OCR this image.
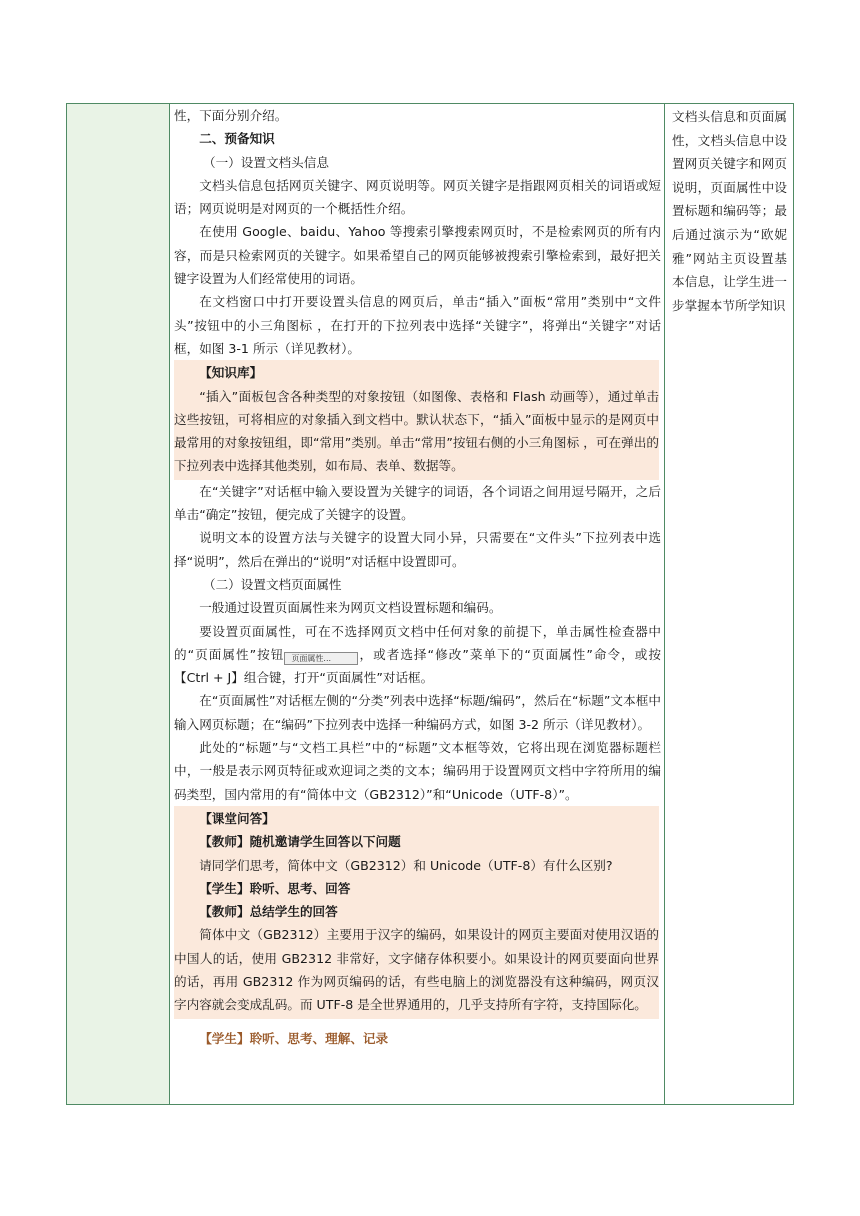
性，下面分别介绍。

二、预备知识

（一）设置文档头信息

文档头信息包括网页关键字、网页说明等。网页关键字是指跟网页相关的词语或短语；网页说明是对网页的一个概括性介绍。

在使用 Google、baidu、Yahoo 等搜索引擎搜索网页时，不是检索网页的所有内容，而是只检索网页的关键字。如果希望自己的网页能够被搜索引擎检索到，最好把关键字设置为人们经常使用的词语。

在文档窗口中打开要设置头信息的网页后，单击“插入”面板“常用”类别中“文件头”按钮中的小三角图标 ，在打开的下拉列表中选择“关键字”，将弹出“关键字”对话框，如图 3-1 所示（详见教材）。

【知识库】

“插入”面板包含各种类型的对象按钮（如图像、表格和 Flash 动画等），通过单击这些按钮，可将相应的对象插入到文档中。默认状态下，“插入”面板中显示的是网页中最常用的对象按钮组，即“常用”类别。单击“常用”按钮右侧的小三角图标 ，可在弹出的下拉列表中选择其他类别，如布局、表单、数据等。

在“关键字”对话框中输入要设置为关键字的词语，各个词语之间用逗号隔开，之后单击“确定”按钮，便完成了关键字的设置。

说明文本的设置方法与关键字的设置大同小异，只需要在“文件头”下拉列表中选择“说明”，然后在弹出的“说明”对话框中设置即可。

（二）设置文档页面属性

一般通过设置页面属性来为网页文档设置标题和编码。

要设置页面属性，可在不选择网页文档中任何对象的前提下，单击属性检查器中的“页面属性”按钮 页面属性... ，或者选择“修改”菜单下的“页面属性”命令，或按【Ctrl + J】组合键，打开“页面属性”对话框。

在“页面属性”对话框左侧的“分类”列表中选择“标题/编码”，然后在“标题”文本框中输入网页标题；在“编码”下拉列表中选择一种编码方式，如图 3-2 所示（详见教材）。

此处的“标题”与“文档工具栏”中的“标题”文本框等效，它将出现在浏览器标题栏中，一般是表示网页特征或欢迎词之类的文本；编码用于设置网页文档中字符所用的编码类型，国内常用的有“简体中文（GB2312）”和“Unicode（UTF-8）”。

【课堂问答】

【教师】随机邀请学生回答以下问题

请同学们思考，简体中文（GB2312）和 Unicode（UTF-8）有什么区别?

【学生】聆听、思考、回答

【教师】总结学生的回答

简体中文（GB2312）主要用于汉字的编码，如果设计的网页主要面对使用汉语的中国人的话，使用 GB2312 非常好，文字储存体积要小。如果设计的网页要面向世界的话，再用 GB2312 作为网页编码的话，有些电脑上的浏览器没有这种编码，网页汉字内容就会变成乱码。而 UTF-8 是全世界通用的，几乎支持所有字符，支持国际化。

【学生】聆听、思考、理解、记录

文档头信息和页面属性，文档头信息中设置网页关键字和网页说明，页面属性中设置标题和编码等；最后通过演示为“欧妮雅”网站主页设置基本信息，让学生进一步掌握本节所学知识
